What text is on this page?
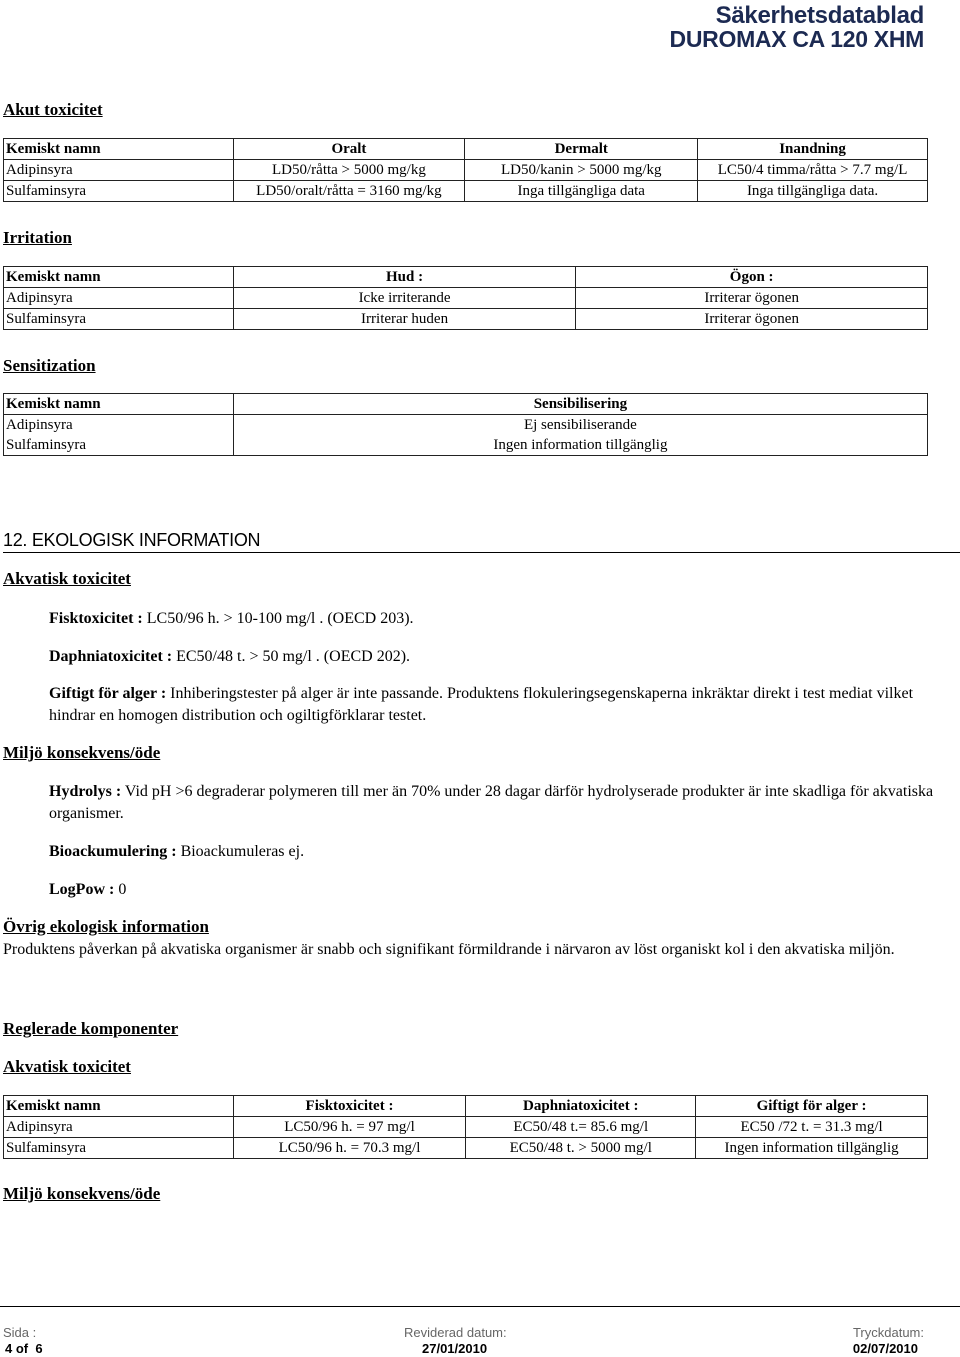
Säkerhetsdatablad
DUROMAX CA 120 XHM
Akut toxicitet
Kemiskt namn	Oralt	Dermalt	Inandning
Adipinsyra	LD50/råtta > 5000 mg/kg	LD50/kanin > 5000 mg/kg	LC50/4 timma/råtta > 7.7 mg/L
Sulfaminsyra	LD50/oralt/råtta = 3160 mg/kg	Inga tillgängliga data	Inga tillgängliga data.
Irritation
Kemiskt namn	Hud :	Ögon :
Adipinsyra	Icke irriterande	Irriterar ögonen
Sulfaminsyra	Irriterar huden	Irriterar ögonen
Sensitization
Kemiskt namn	Sensibilisering
Adipinsyra	Ej sensibiliserande
Sulfaminsyra	Ingen information tillgänglig
12. EKOLOGISK INFORMATION
Akvatisk toxicitet
Fisktoxicitet : LC50/96 h. > 10-100 mg/l . (OECD 203).
Daphniatoxicitet : EC50/48 t. > 50 mg/l . (OECD 202).
Giftigt för alger : Inhiberingstester på alger är inte passande. Produktens flokuleringsegenskaperna inkräktar direkt i test mediat vilket hindrar en homogen distribution och ogiltigförklarar testet.
Miljö konsekvens/öde
Hydrolys : Vid pH >6 degraderar polymeren till mer än 70% under 28 dagar därför hydrolyserade produkter är inte skadliga för akvatiska organismer.
Bioackumulering : Bioackumuleras ej.
LogPow : 0
Övrig ekologisk information
Produktens påverkan på akvatiska organismer är snabb och signifikant förmildrande i närvaron av löst organiskt kol i den akvatiska miljön.
Reglerade komponenter
Akvatisk toxicitet
Kemiskt namn	Fisktoxicitet :	Daphniatoxicitet :	Giftigt för alger :
Adipinsyra	LC50/96 h. = 97 mg/l	EC50/48 t.= 85.6 mg/l	EC50 /72 t. = 31.3 mg/l
Sulfaminsyra	LC50/96 h. = 70.3 mg/l	EC50/48 t. > 5000 mg/l	Ingen information tillgänglig
Miljö konsekvens/öde
Sida :
4 of  6
Reviderad datum:
27/01/2010
Tryckdatum:
02/07/2010
